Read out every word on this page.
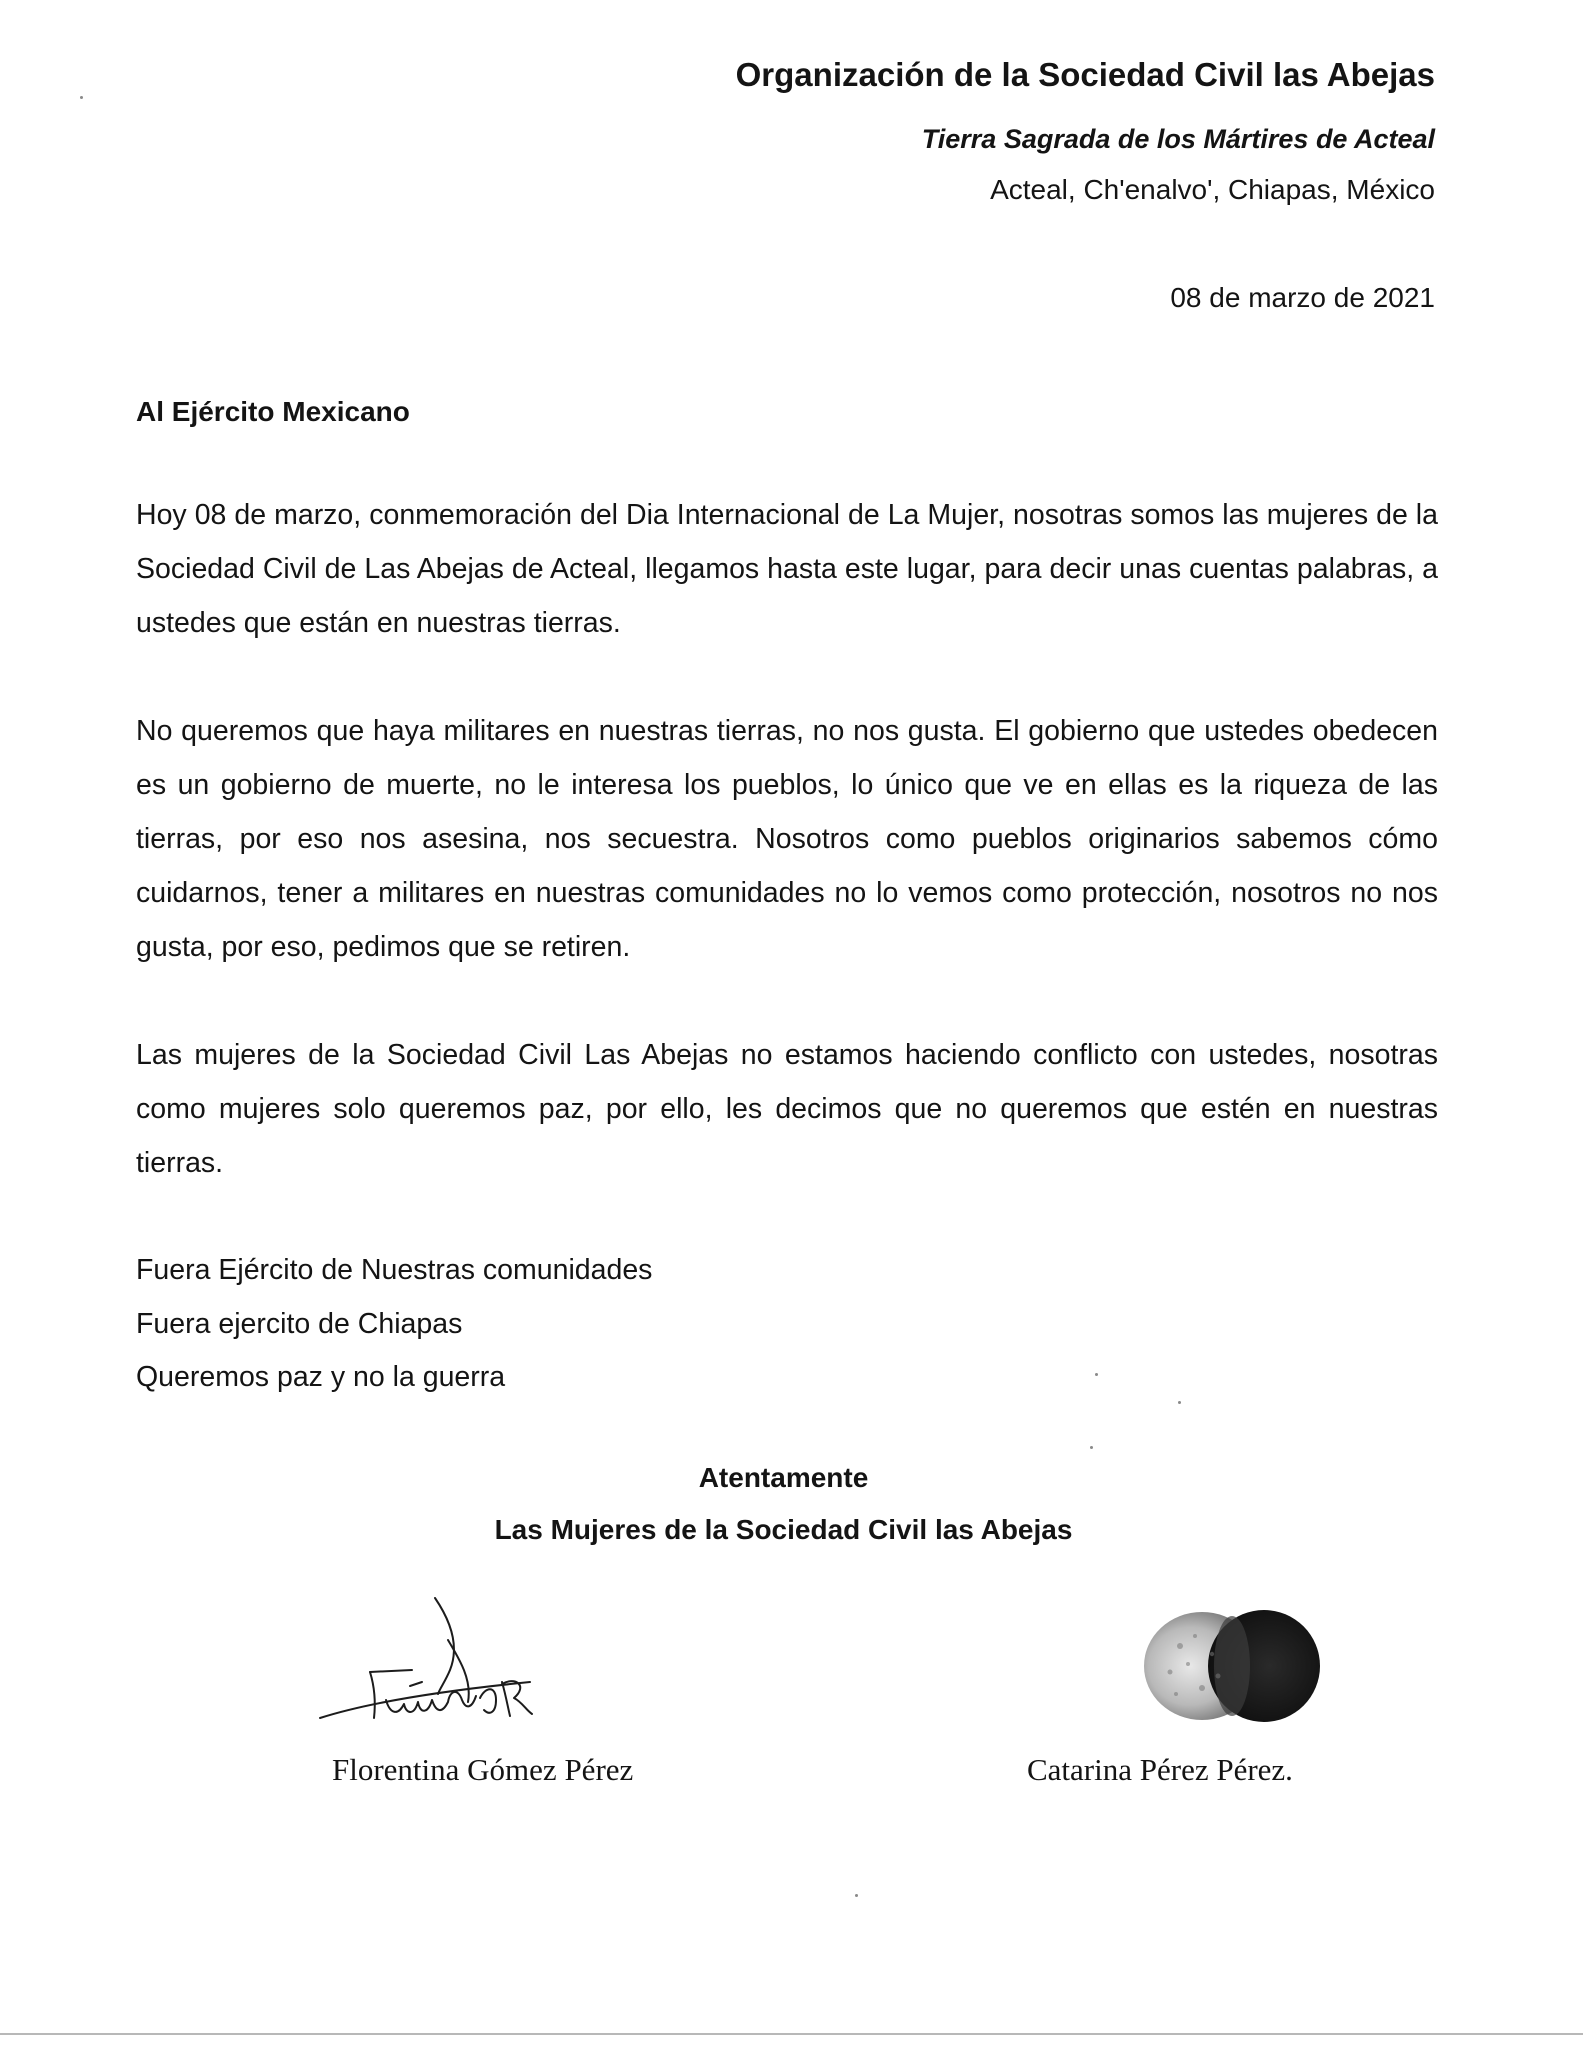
Organización de la Sociedad Civil las Abejas
Tierra Sagrada de los Mártires de Acteal
Acteal, Ch'enalvo', Chiapas, México
08 de marzo de 2021
Al Ejército Mexicano

Hoy 08 de marzo, conmemoración del Dia Internacional de La Mujer, nosotras somos las mujeres de la Sociedad Civil de Las Abejas de Acteal, llegamos hasta este lugar, para decir unas cuentas palabras, a ustedes que están en nuestras tierras.

No queremos que haya militares en nuestras tierras, no nos gusta. El gobierno que ustedes obedecen es un gobierno de muerte, no le interesa los pueblos, lo único que ve en ellas es la riqueza de las tierras, por eso nos asesina, nos secuestra. Nosotros como pueblos originarios sabemos cómo cuidarnos, tener a militares en nuestras comunidades no lo vemos como protección, nosotros no nos gusta, por eso, pedimos que se retiren.

Las mujeres de la Sociedad Civil Las Abejas no estamos haciendo conflicto con ustedes, nosotras como mujeres solo queremos paz, por ello, les decimos que no queremos que estén en nuestras tierras.

Fuera Ejército de Nuestras comunidades
Fuera ejercito de Chiapas
Queremos paz y no la guerra
Atentamente
Las Mujeres de la Sociedad Civil las Abejas
Florentina Gómez Pérez	Catarina Pérez Pérez.
